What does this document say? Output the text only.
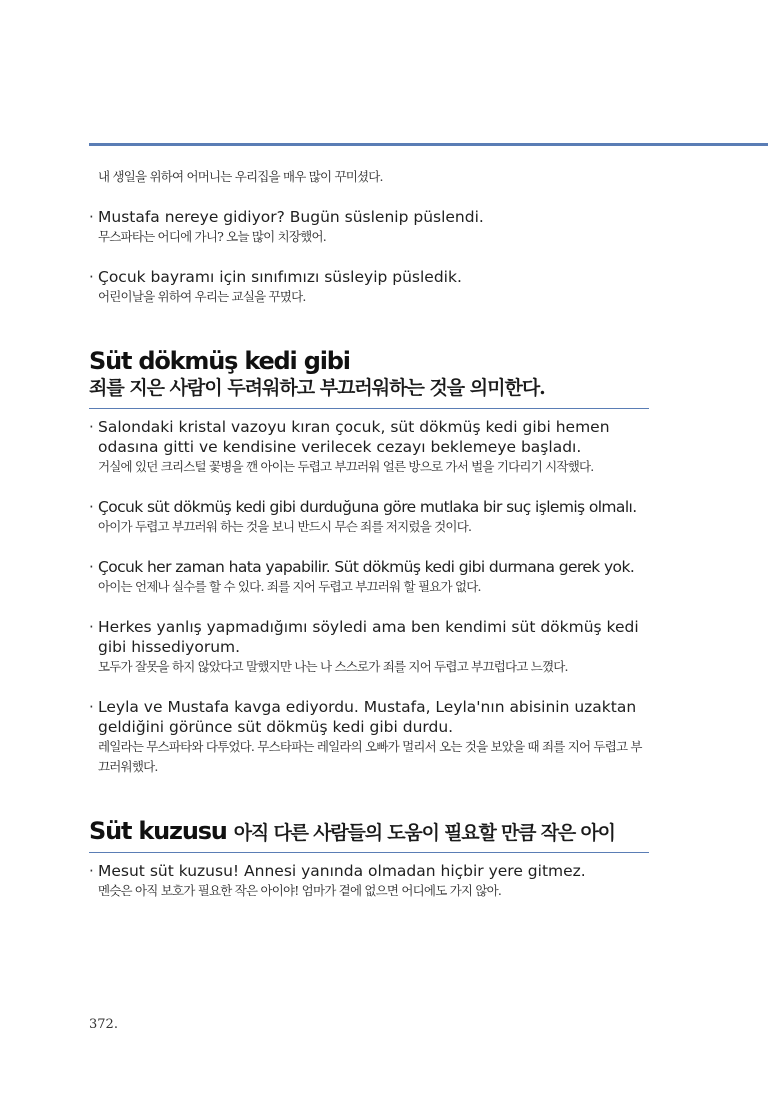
내 생일을 위하여 어머니는 우리집을 매우 많이 꾸미셨다.
· Mustafa nereye gidiyor? Bugün süslenip püslendi.
무스파타는 어디에 가니? 오늘 많이 치장했어.
· Çocuk bayramı için sınıfımızı süsleyip püsledik.
어린이날을 위하여 우리는 교실을 꾸몄다.
Süt dökmüş kedi gibi
죄를 지은 사람이 두려워하고 부끄러워하는 것을 의미한다.
· Salondaki kristal vazoyu kıran çocuk, süt dökmüş kedi gibi hemen odasına gitti ve kendisine verilecek cezayı beklemeye başladı.
거실에 있던 크리스털 꽃병을 깬 아이는 두렵고 부끄러워 얼른 방으로 가서 벌을 기다리기 시작했다.
· Çocuk süt dökmüş kedi gibi durduğuna göre mutlaka bir suç işlemiş olmalı.
아이가 두렵고 부끄러워 하는 것을 보니 반드시 무슨 죄를 저지렀을 것이다.
· Çocuk her zaman hata yapabilir. Süt dökmüş kedi gibi durmana gerek yok.
아이는 언제나 실수를 할 수 있다. 죄를 지어 두렵고 부끄러워 할 필요가 없다.
· Herkes yanlış yapmadığımı söyledi ama ben kendimi süt dökmüş kedi gibi hissediyorum.
모두가 잘못을 하지 않았다고 말했지만 나는 나 스스로가 죄를 지어 두렵고 부끄럽다고 느꼈다.
· Leyla ve Mustafa kavga ediyordu. Mustafa, Leyla'nın abisinin uzaktan geldiğini görünce süt dökmüş kedi gibi durdu.
레일라는 무스파타와 다투었다. 무스타파는 레일라의 오빠가 멀리서 오는 것을 보았을 때 죄를 지어 두렵고 부끄러워했다.
Süt kuzusu 아직 다른 사람들의 도움이 필요할 만큼 작은 아이
· Mesut süt kuzusu! Annesi yanında olmadan hiçbir yere gitmez.
멘슷은 아직 보호가 필요한 작은 아이야! 엄마가 곁에 없으면 어디에도 가지 않아.
372.
